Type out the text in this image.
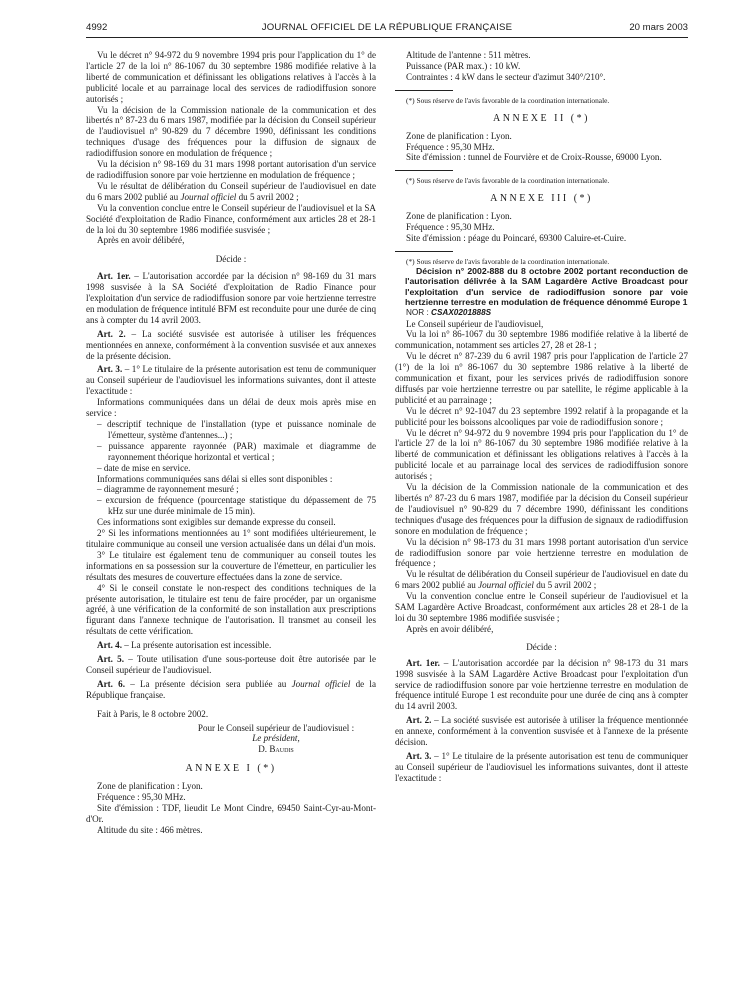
4992	JOURNAL OFFICIEL DE LA RÉPUBLIQUE FRANÇAISE	20 mars 2003

Vu le décret n° 94-972 du 9 novembre 1994 pris pour l'application du 1° de l'article 27 de la loi n° 86-1067 du 30 septembre 1986 modifiée relative à la liberté de communication et définissant les obligations relatives à l'accès à la publicité locale et au parrainage local des services de radiodiffusion sonore autorisés ;

Vu la décision de la Commission nationale de la communication et des libertés n° 87-23 du 6 mars 1987, modifiée par la décision du Conseil supérieur de l'audiovisuel n° 90-829 du 7 décembre 1990, définissant les conditions techniques d'usage des fréquences pour la diffusion de signaux de radiodiffusion sonore en modulation de fréquence ;

Vu la décision n° 98-169 du 31 mars 1998 portant autorisation d'un service de radiodiffusion sonore par voie hertzienne en modulation de fréquence ;

Vu le résultat de délibération du Conseil supérieur de l'audiovisuel en date du 6 mars 2002 publié au Journal officiel du 5 avril 2002 ;

Vu la convention conclue entre le Conseil supérieur de l'audiovisuel et la SA Société d'exploitation de Radio Finance, conformément aux articles 28 et 28-1 de la loi du 30 septembre 1986 modifiée susvisée ;

Après en avoir délibéré,

Décide :

Art. 1er. – L'autorisation accordée par la décision n° 98-169 du 31 mars 1998 susvisée à la SA Société d'exploitation de Radio Finance pour l'exploitation d'un service de radiodiffusion sonore par voie hertzienne terrestre en modulation de fréquence intitulé BFM est reconduite pour une durée de cinq ans à compter du 14 avril 2003.

Art. 2. – La société susvisée est autorisée à utiliser les fréquences mentionnées en annexe, conformément à la convention susvisée et aux annexes de la présente décision.

Art. 3. – 1° Le titulaire de la présente autorisation est tenu de communiquer au Conseil supérieur de l'audiovisuel les informations suivantes, dont il atteste l'exactitude :

Informations communiquées dans un délai de deux mois après mise en service :

– descriptif technique de l'installation (type et puissance nominale de l'émetteur, système d'antennes...) ;

– puissance apparente rayonnée (PAR) maximale et diagramme de rayonnement théorique horizontal et vertical ;

– date de mise en service.

Informations communiquées sans délai si elles sont disponibles :

– diagramme de rayonnement mesuré ;

– excursion de fréquence (pourcentage statistique du dépassement de 75 kHz sur une durée minimale de 15 min).

Ces informations sont exigibles sur demande expresse du conseil.

2° Si les informations mentionnées au 1° sont modifiées ultérieurement, le titulaire communique au conseil une version actualisée dans un délai d'un mois.

3° Le titulaire est également tenu de communiquer au conseil toutes les informations en sa possession sur la couverture de l'émetteur, en particulier les résultats des mesures de couverture effectuées dans la zone de service.

4° Si le conseil constate le non-respect des conditions techniques de la présente autorisation, le titulaire est tenu de faire procéder, par un organisme agréé, à une vérification de la conformité de son installation aux prescriptions figurant dans l'annexe technique de l'autorisation. Il transmet au conseil les résultats de cette vérification.

Art. 4. – La présente autorisation est incessible.

Art. 5. – Toute utilisation d'une sous-porteuse doit être autorisée par le Conseil supérieur de l'audiovisuel.

Art. 6. – La présente décision sera publiée au Journal officiel de la République française.

Fait à Paris, le 8 octobre 2002.

Pour le Conseil supérieur de l'audiovisuel :

Le président,

D. Baudis

ANNEXE I (*)

Zone de planification : Lyon.

Fréquence : 95,30 MHz.

Site d'émission : TDF, lieudit Le Mont Cindre, 69450 Saint-Cyr-au-Mont-d'Or.

Altitude du site : 466 mètres.

Altitude de l'antenne : 511 mètres.

Puissance (PAR max.) : 10 kW.

Contraintes : 4 kW dans le secteur d'azimut 340°/210°.

(*) Sous réserve de l'avis favorable de la coordination internationale.

ANNEXE II (*)

Zone de planification : Lyon.

Fréquence : 95,30 MHz.

Site d'émission : tunnel de Fourvière et de Croix-Rousse, 69000 Lyon.

(*) Sous réserve de l'avis favorable de la coordination internationale.

ANNEXE III (*)

Zone de planification : Lyon.

Fréquence : 95,30 MHz.

Site d'émission : péage du Poincaré, 69300 Caluire-et-Cuire.

(*) Sous réserve de l'avis favorable de la coordination internationale.

Décision n° 2002-888 du 8 octobre 2002 portant reconduction de l'autorisation délivrée à la SAM Lagardère Active Broadcast pour l'exploitation d'un service de radiodiffusion sonore par voie hertzienne terrestre en modulation de fréquence dénommé Europe 1

NOR : CSAX0201888S

Le Conseil supérieur de l'audiovisuel,

Vu la loi n° 86-1067 du 30 septembre 1986 modifiée relative à la liberté de communication, notamment ses articles 27, 28 et 28-1 ;

Vu le décret n° 87-239 du 6 avril 1987 pris pour l'application de l'article 27 (1°) de la loi n° 86-1067 du 30 septembre 1986 relative à la liberté de communication et fixant, pour les services privés de radiodiffusion sonore diffusés par voie hertzienne terrestre ou par satellite, le régime applicable à la publicité et au parrainage ;

Vu le décret n° 92-1047 du 23 septembre 1992 relatif à la propagande et la publicité pour les boissons alcooliques par voie de radiodiffusion sonore ;

Vu le décret n° 94-972 du 9 novembre 1994 pris pour l'application du 1° de l'article 27 de la loi n° 86-1067 du 30 septembre 1986 modifiée relative à la liberté de communication et définissant les obligations relatives à l'accès à la publicité locale et au parrainage local des services de radiodiffusion sonore autorisés ;

Vu la décision de la Commission nationale de la communication et des libertés n° 87-23 du 6 mars 1987, modifiée par la décision du Conseil supérieur de l'audiovisuel n° 90-829 du 7 décembre 1990, définissant les conditions techniques d'usage des fréquences pour la diffusion de signaux de radiodiffusion sonore en modulation de fréquence ;

Vu la décision n° 98-173 du 31 mars 1998 portant autorisation d'un service de radiodiffusion sonore par voie hertzienne terrestre en modulation de fréquence ;

Vu le résultat de délibération du Conseil supérieur de l'audiovisuel en date du 6 mars 2002 publié au Journal officiel du 5 avril 2002 ;

Vu la convention conclue entre le Conseil supérieur de l'audiovisuel et la SAM Lagardère Active Broadcast, conformément aux articles 28 et 28-1 de la loi du 30 septembre 1986 modifiée susvisée ;

Après en avoir délibéré,

Décide :

Art. 1er. – L'autorisation accordée par la décision n° 98-173 du 31 mars 1998 susvisée à la SAM Lagardère Active Broadcast pour l'exploitation d'un service de radiodiffusion sonore par voie hertzienne terrestre en modulation de fréquence intitulé Europe 1 est reconduite pour une durée de cinq ans à compter du 14 avril 2003.

Art. 2. – La société susvisée est autorisée à utiliser la fréquence mentionnée en annexe, conformément à la convention susvisée et à l'annexe de la présente décision.

Art. 3. – 1° Le titulaire de la présente autorisation est tenu de communiquer au Conseil supérieur de l'audiovisuel les informations suivantes, dont il atteste l'exactitude :
